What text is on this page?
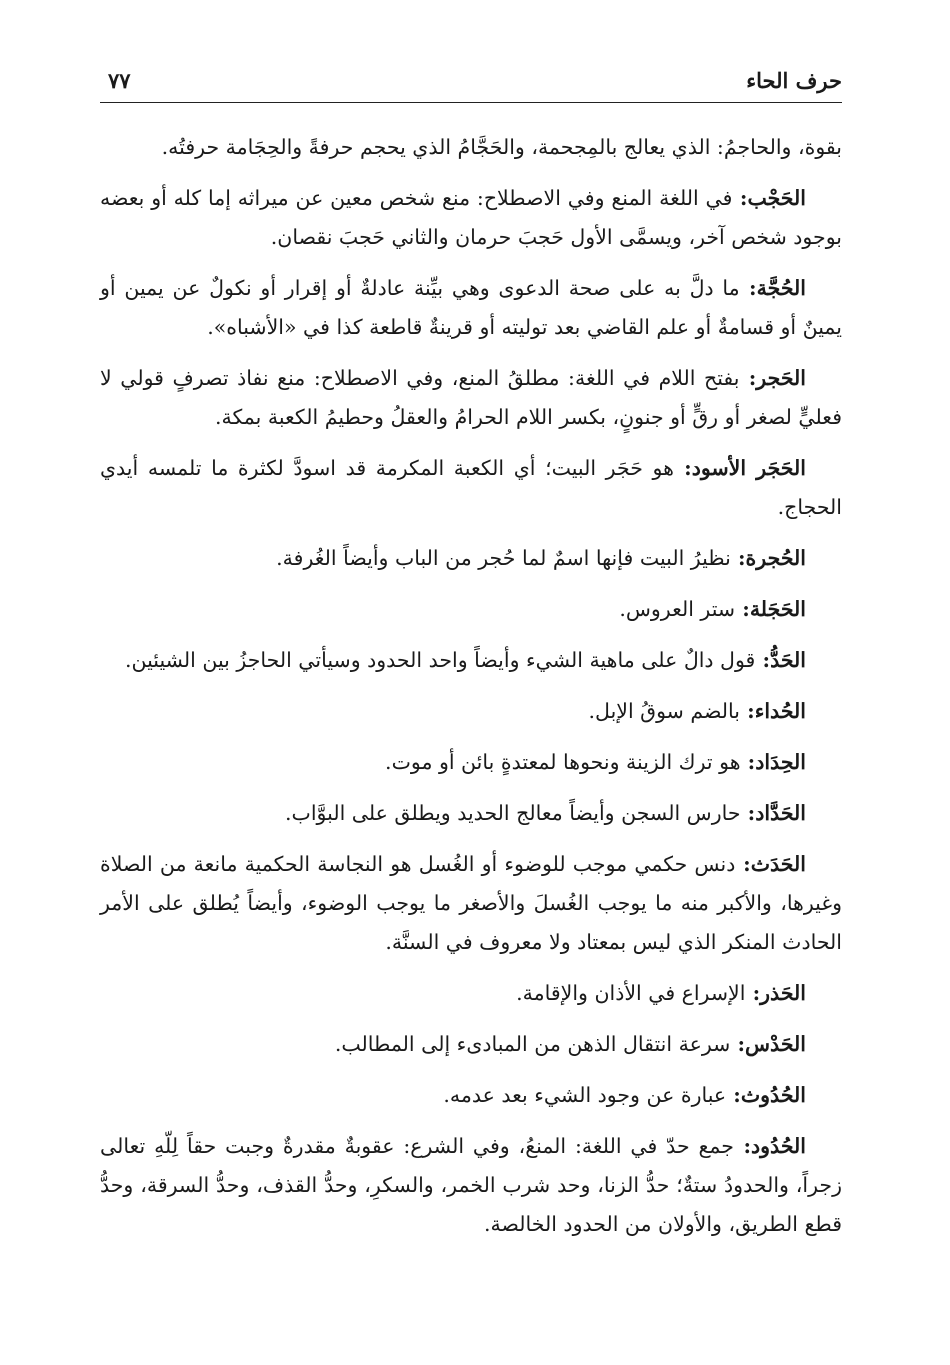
حرف الحاء
٧٧

بقوة، والحاجمُ: الذي يعالج بالمِجحمة، والحَجَّامُ الذي يحجم حرفةً والحِجَامة حرفتُه.

الحَجْب: في اللغة المنع وفي الاصطلاح: منع شخص معين عن ميراثه إما كله أو بعضه بوجود شخص آخر، ويسمَّى الأول حَجبَ حرمان والثاني حَجبَ نقصان.

الحُجَّة: ما دلَّ به على صحة الدعوى وهي بيِّنة عادلةٌ أو إقرار أو نكولٌ عن يمين أو يمينٌ أو قسامةٌ أو علم القاضي بعد توليته أو قرينةٌ قاطعة كذا في «الأشباه».

الحَجر: بفتح اللام في اللغة: مطلقُ المنع، وفي الاصطلاح: منع نفاذ تصرفٍ قولي لا فعليٍّ لصغر أو رقٍّ أو جنونٍ، بكسر اللام الحرامُ والعقلُ وحطيمُ الكعبة بمكة.

الحَجَر الأسود: هو حَجَر البيت؛ أي الكعبة المكرمة قد اسودَّ لكثرة ما تلمسه أيدي الحجاج.

الحُجرة: نظيرُ البيت فإنها اسمٌ لما حُجر من الباب وأيضاً الغُرفة.

الحَجَلة: ستر العروس.

الحَدُّ: قول دالٌ على ماهية الشيء وأيضاً واحد الحدود وسيأتي الحاجزُ بين الشيئين.

الحُداء: بالضم سوقُ الإبل.

الحِدَاد: هو ترك الزينة ونحوها لمعتدةٍ بائن أو موت.

الحَدَّاد: حارس السجن وأيضاً معالج الحديد ويطلق على البوَّاب.

الحَدَث: دنس حكمي موجب للوضوء أو الغُسل هو النجاسة الحكمية مانعة من الصلاة وغيرها، والأكبر منه ما يوجب الغُسلَ والأصغر ما يوجب الوضوء، وأيضاً يُطلق على الأمر الحادث المنكر الذي ليس بمعتاد ولا معروف في السنَّة.

الحَذر: الإسراع في الأذان والإقامة.

الحَدْس: سرعة انتقال الذهن من المبادىء إلى المطالب.

الحُدُوث: عبارة عن وجود الشيء بعد عدمه.

الحُدُود: جمع حدّ في اللغة: المنعُ، وفي الشرع: عقوبةٌ مقدرةٌ وجبت حقاً لِلّهِ تعالى زجراً، والحدودُ ستةٌ؛ حدُّ الزنا، وحد شرب الخمر، والسكرِ، وحدُّ القذف، وحدُّ السرقة، وحدُّ قطع الطريق، والأولان من الحدود الخالصة.
